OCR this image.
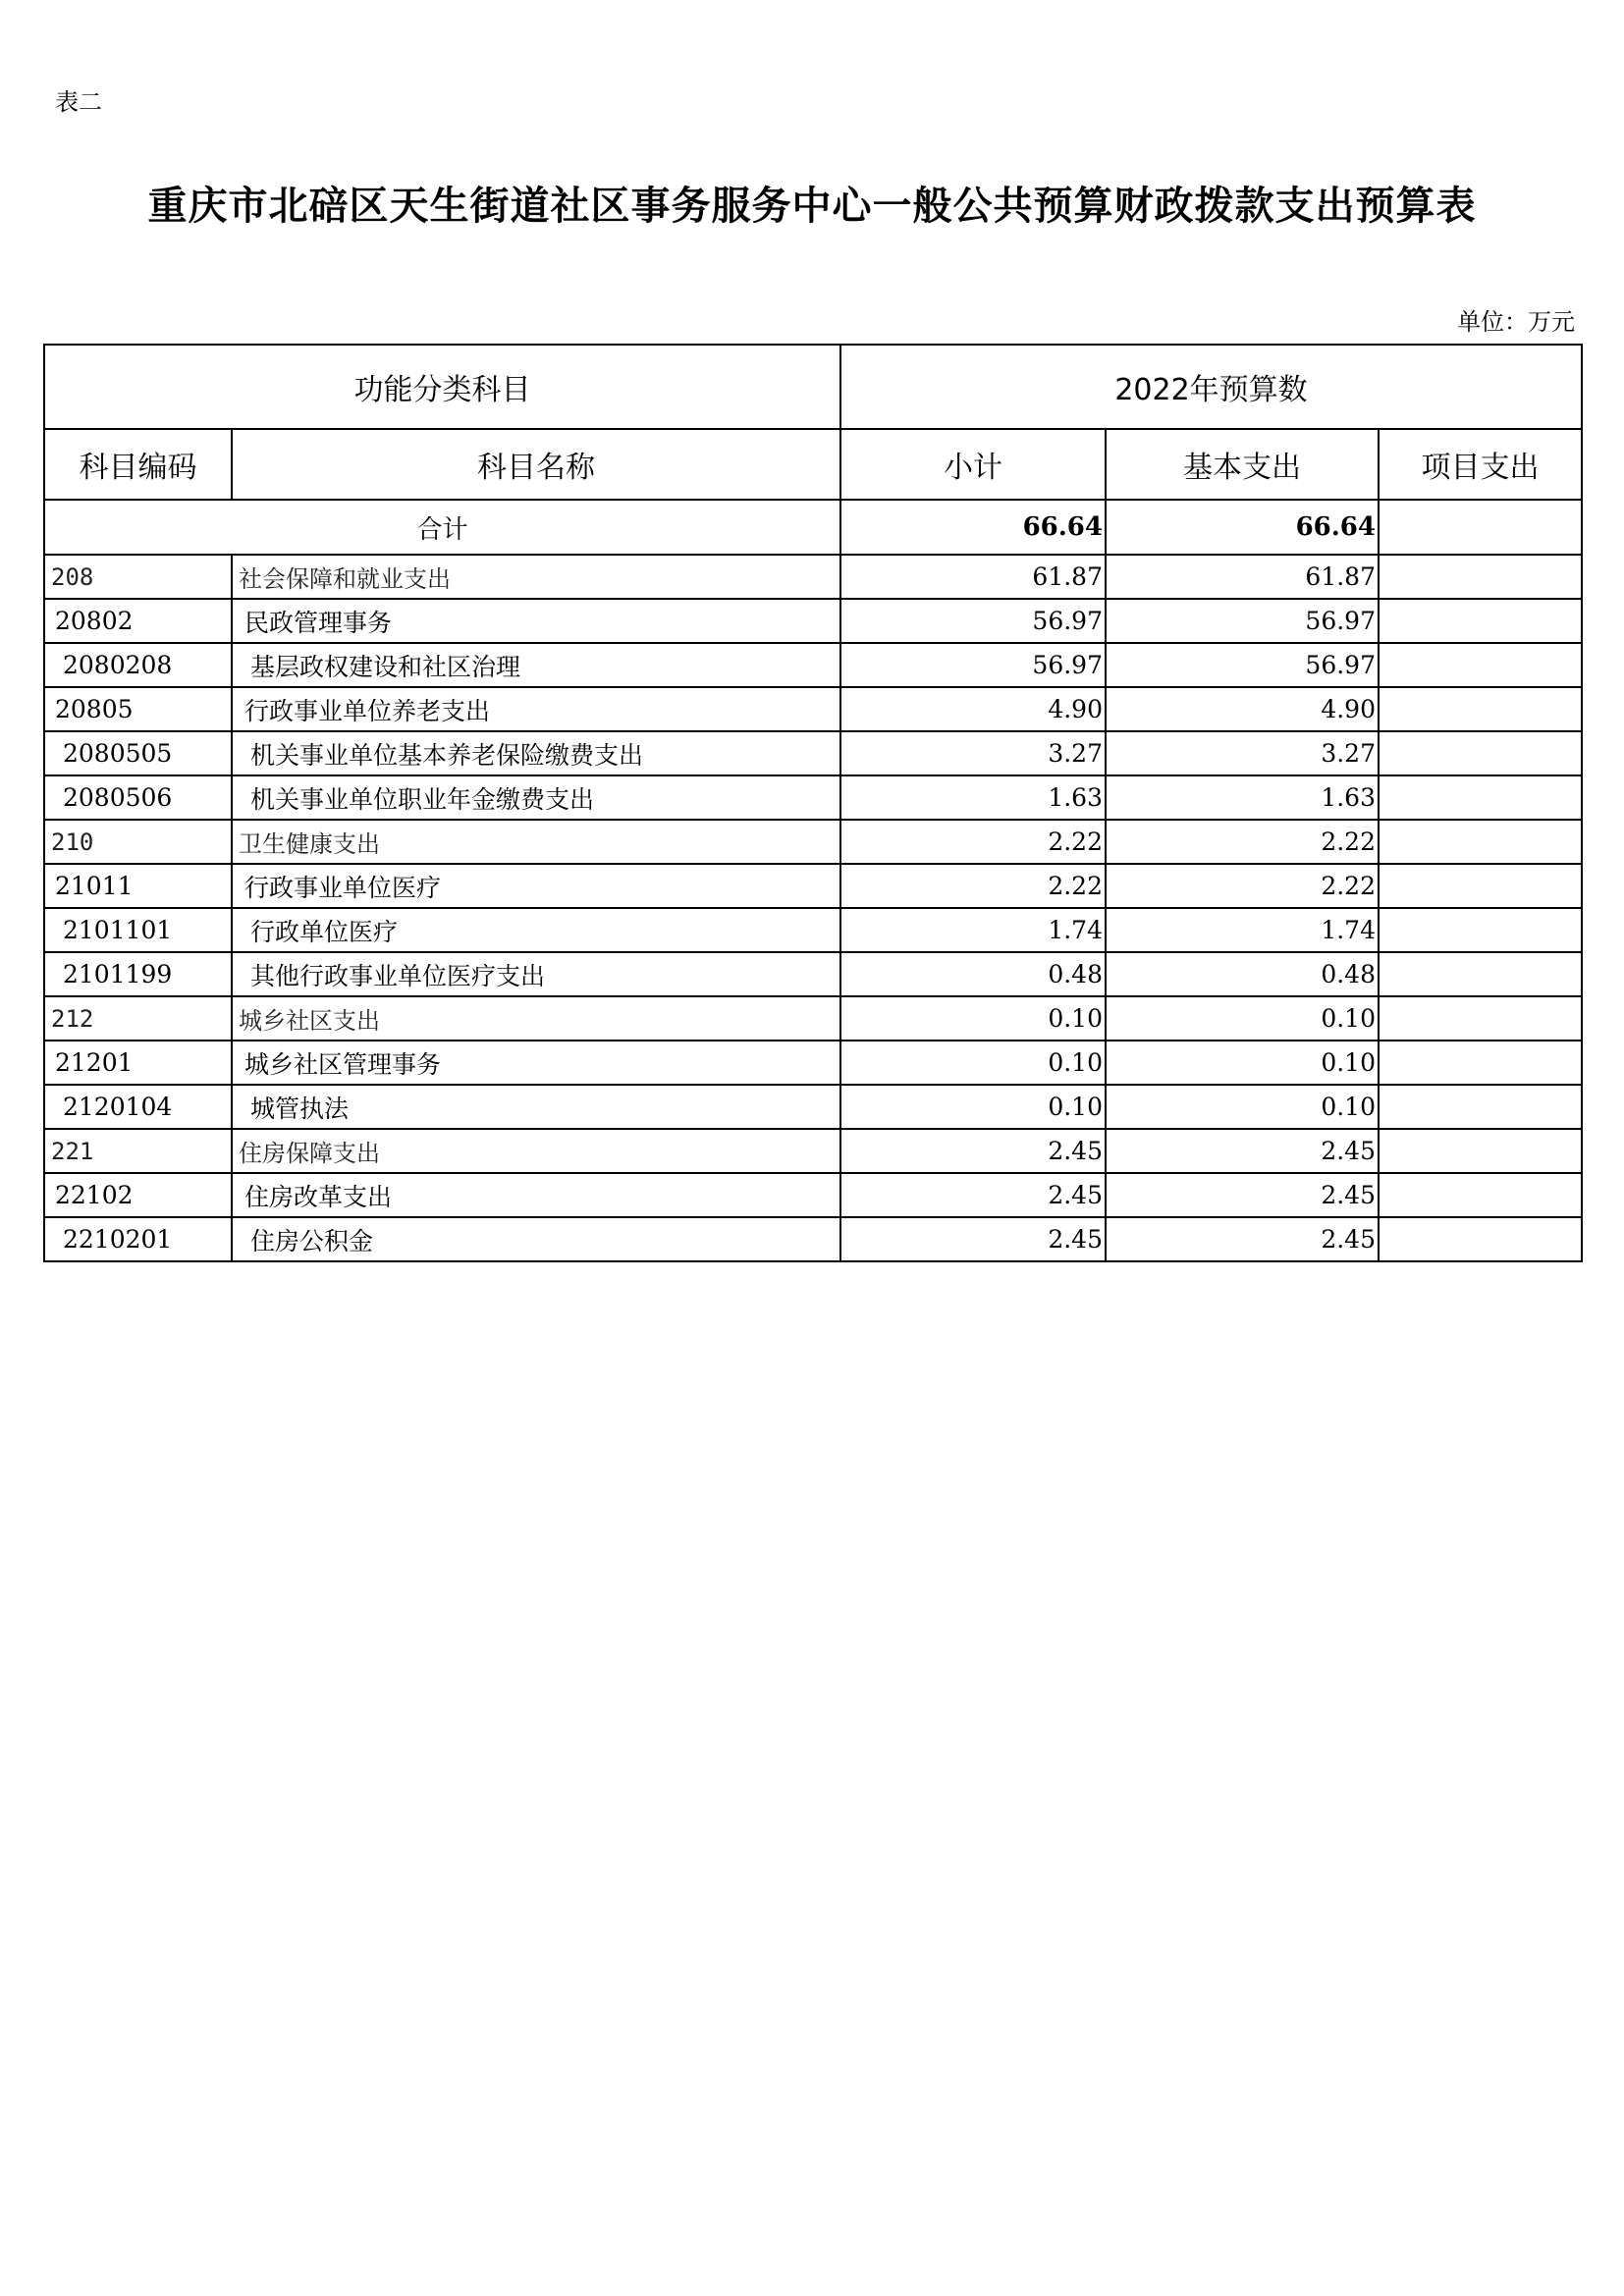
表二
重庆市北碚区天生街道社区事务服务中心一般公共预算财政拨款支出预算表
单位：万元
功能分类科目		2022年预算数		
科目编码	科目名称	小计	基本支出	项目支出
合计		66.64	66.64	
208	社会保障和就业支出	61.87	61.87	
20802	民政管理事务	56.97	56.97	
2080208	基层政权建设和社区治理	56.97	56.97	
20805	行政事业单位养老支出	4.90	4.90	
2080505	机关事业单位基本养老保险缴费支出	3.27	3.27	
2080506	机关事业单位职业年金缴费支出	1.63	1.63	
210	卫生健康支出	2.22	2.22	
21011	行政事业单位医疗	2.22	2.22	
2101101	行政单位医疗	1.74	1.74	
2101199	其他行政事业单位医疗支出	0.48	0.48	
212	城乡社区支出	0.10	0.10	
21201	城乡社区管理事务	0.10	0.10	
2120104	城管执法	0.10	0.10	
221	住房保障支出	2.45	2.45	
22102	住房改革支出	2.45	2.45	
2210201	住房公积金	2.45	2.45	
